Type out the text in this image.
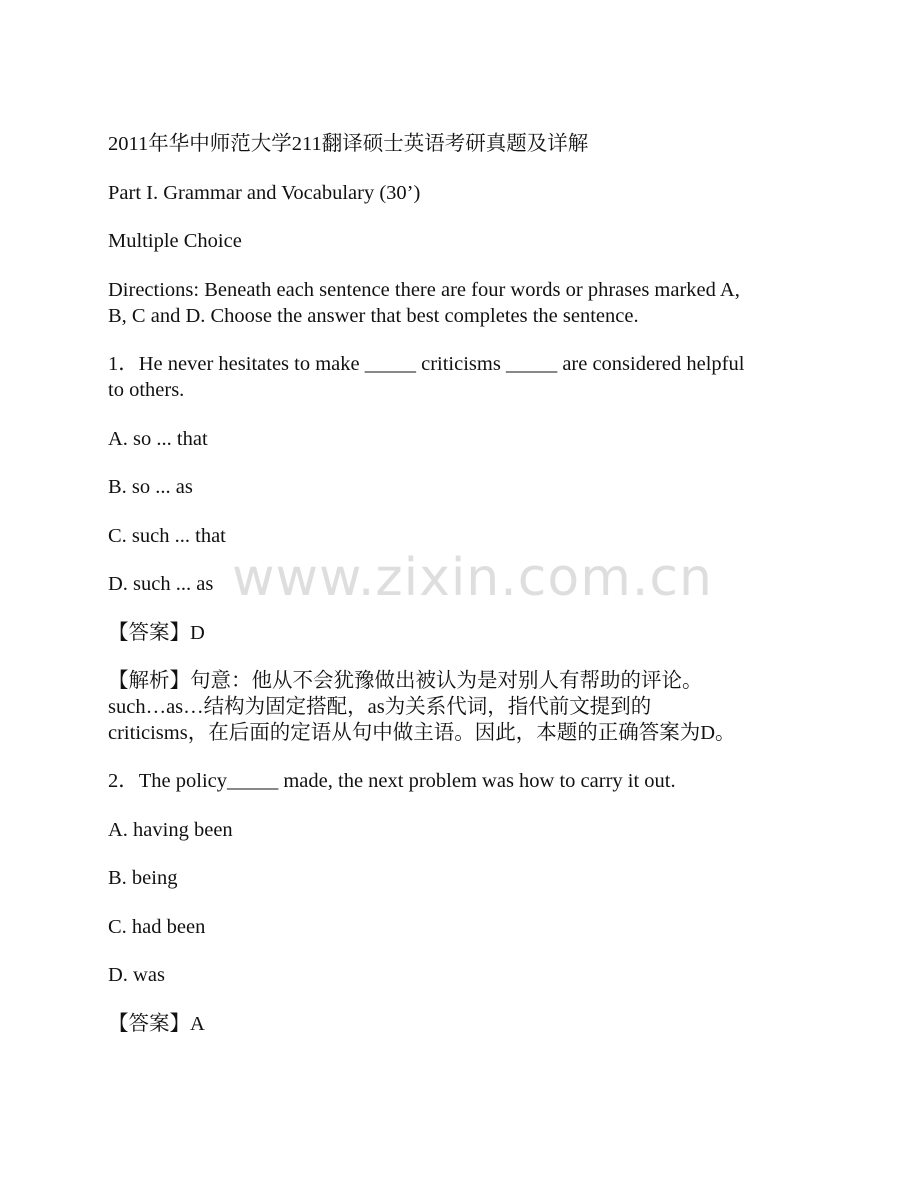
www.zixin.com.cn
2011年华中师范大学211翻译硕士英语考研真题及详解
Part I. Grammar and Vocabulary (30’)
Multiple Choice
Directions: Beneath each sentence there are four words or phrases marked A,
B, C and D. Choose the answer that best completes the sentence.
1．He never hesitates to make _____ criticisms _____ are considered helpful
to others.
A. so ... that
B. so ... as
C. such ... that
D. such ... as
【答案】D
【解析】句意：他从不会犹豫做出被认为是对别人有帮助的评论。
such…as…结构为固定搭配，as为关系代词，指代前文提到的
criticisms，在后面的定语从句中做主语。因此，本题的正确答案为D。
2．The policy_____ made, the next problem was how to carry it out.
A. having been
B. being
C. had been
D. was
【答案】A
